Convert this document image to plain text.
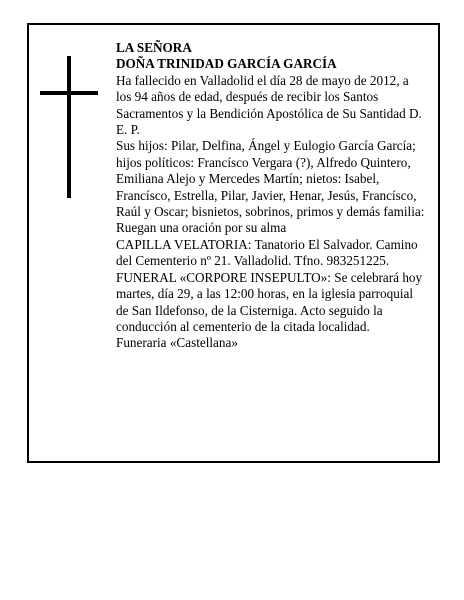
LA SEÑORA

DOÑA TRINIDAD GARCÍA GARCÍA

Ha fallecido en Valladolid el día 28 de mayo de 2012, a los 94 años de edad, después de recibir los Santos Sacramentos y la Bendición Apostólica de Su Santidad D. E. P.

Sus hijos: Pilar, Delfina, Ángel y Eulogio García García; hijos políticos: Francísco Vergara (?), Alfredo Quintero, Emiliana Alejo y Mercedes Martín; nietos: Isabel, Francísco, Estrella, Pilar, Javier, Henar, Jesús, Francísco, Raúl y Oscar; bisnietos, sobrinos, primos y demás familia:

Ruegan una oración por su alma

CAPILLA VELATORIA: Tanatorio El Salvador. Camino del Cementerio nº 21. Valladolid. Tfno. 983251225.

FUNERAL «CORPORE INSEPULTO»: Se celebrará hoy martes, día 29, a las 12:00 horas, en la iglesia parroquial de San Ildefonso, de la Cisterniga. Acto seguido la conducción al cementerio de la citada localidad.

Funeraria «Castellana»
